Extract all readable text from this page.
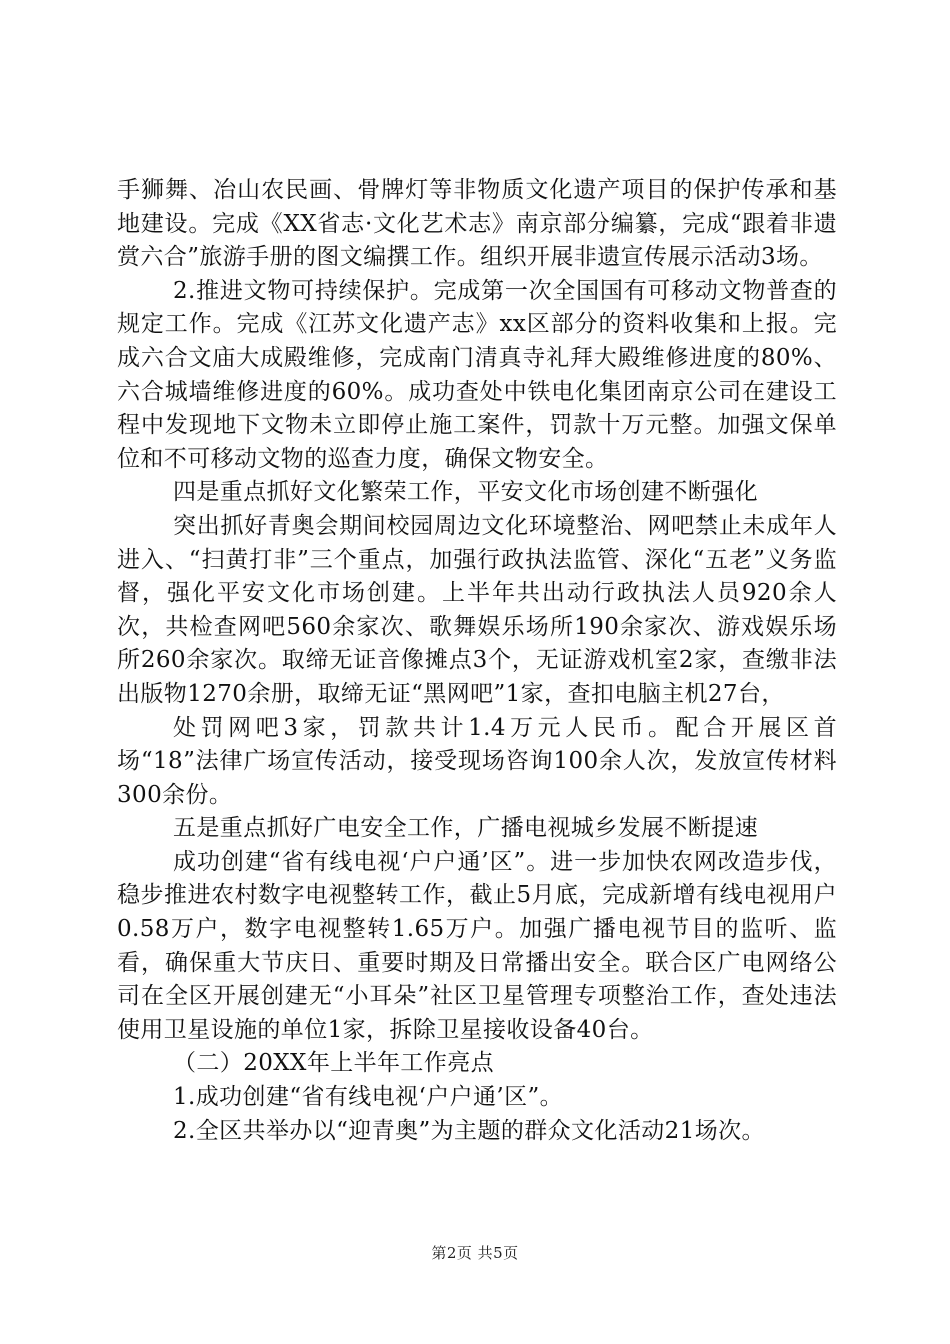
手狮舞、冶山农民画、骨牌灯等非物质文化遗产项目的保护传承和基地建设。完成《XX省志·文化艺术志》南京部分编纂，完成“跟着非遗赏六合”旅游手册的图文编撰工作。组织开展非遗宣传展示活动3场。

2.推进文物可持续保护。完成第一次全国国有可移动文物普查的规定工作。完成《江苏文化遗产志》xx区部分的资料收集和上报。完成六合文庙大成殿维修，完成南门清真寺礼拜大殿维修进度的80%、六合城墙维修进度的60%。成功查处中铁电化集团南京公司在建设工程中发现地下文物未立即停止施工案件，罚款十万元整。加强文保单位和不可移动文物的巡查力度，确保文物安全。

四是重点抓好文化繁荣工作，平安文化市场创建不断强化

突出抓好青奥会期间校园周边文化环境整治、网吧禁止未成年人进入、“扫黄打非”三个重点，加强行政执法监管、深化“五老”义务监督，强化平安文化市场创建。上半年共出动行政执法人员920余人次，共检查网吧560余家次、歌舞娱乐场所190余家次、游戏娱乐场所260余家次。取缔无证音像摊点3个，无证游戏机室2家，查缴非法出版物1270余册，取缔无证“黑网吧”1家，查扣电脑主机27台，

处罚网吧3家，罚款共计1.4万元人民币。配合开展区首场“18”法律广场宣传活动，接受现场咨询100余人次，发放宣传材料300余份。

五是重点抓好广电安全工作，广播电视城乡发展不断提速

成功创建“省有线电视‘户户通’区”。进一步加快农网改造步伐，稳步推进农村数字电视整转工作，截止5月底，完成新增有线电视用户0.58万户，数字电视整转1.65万户。加强广播电视节目的监听、监看，确保重大节庆日、重要时期及日常播出安全。联合区广电网络公司在全区开展创建无“小耳朵”社区卫星管理专项整治工作，查处违法使用卫星设施的单位1家，拆除卫星接收设备40台。

（二）20XX年上半年工作亮点

1.成功创建“省有线电视‘户户通’区”。

2.全区共举办以“迎青奥”为主题的群众文化活动21场次。

第2页 共5页
